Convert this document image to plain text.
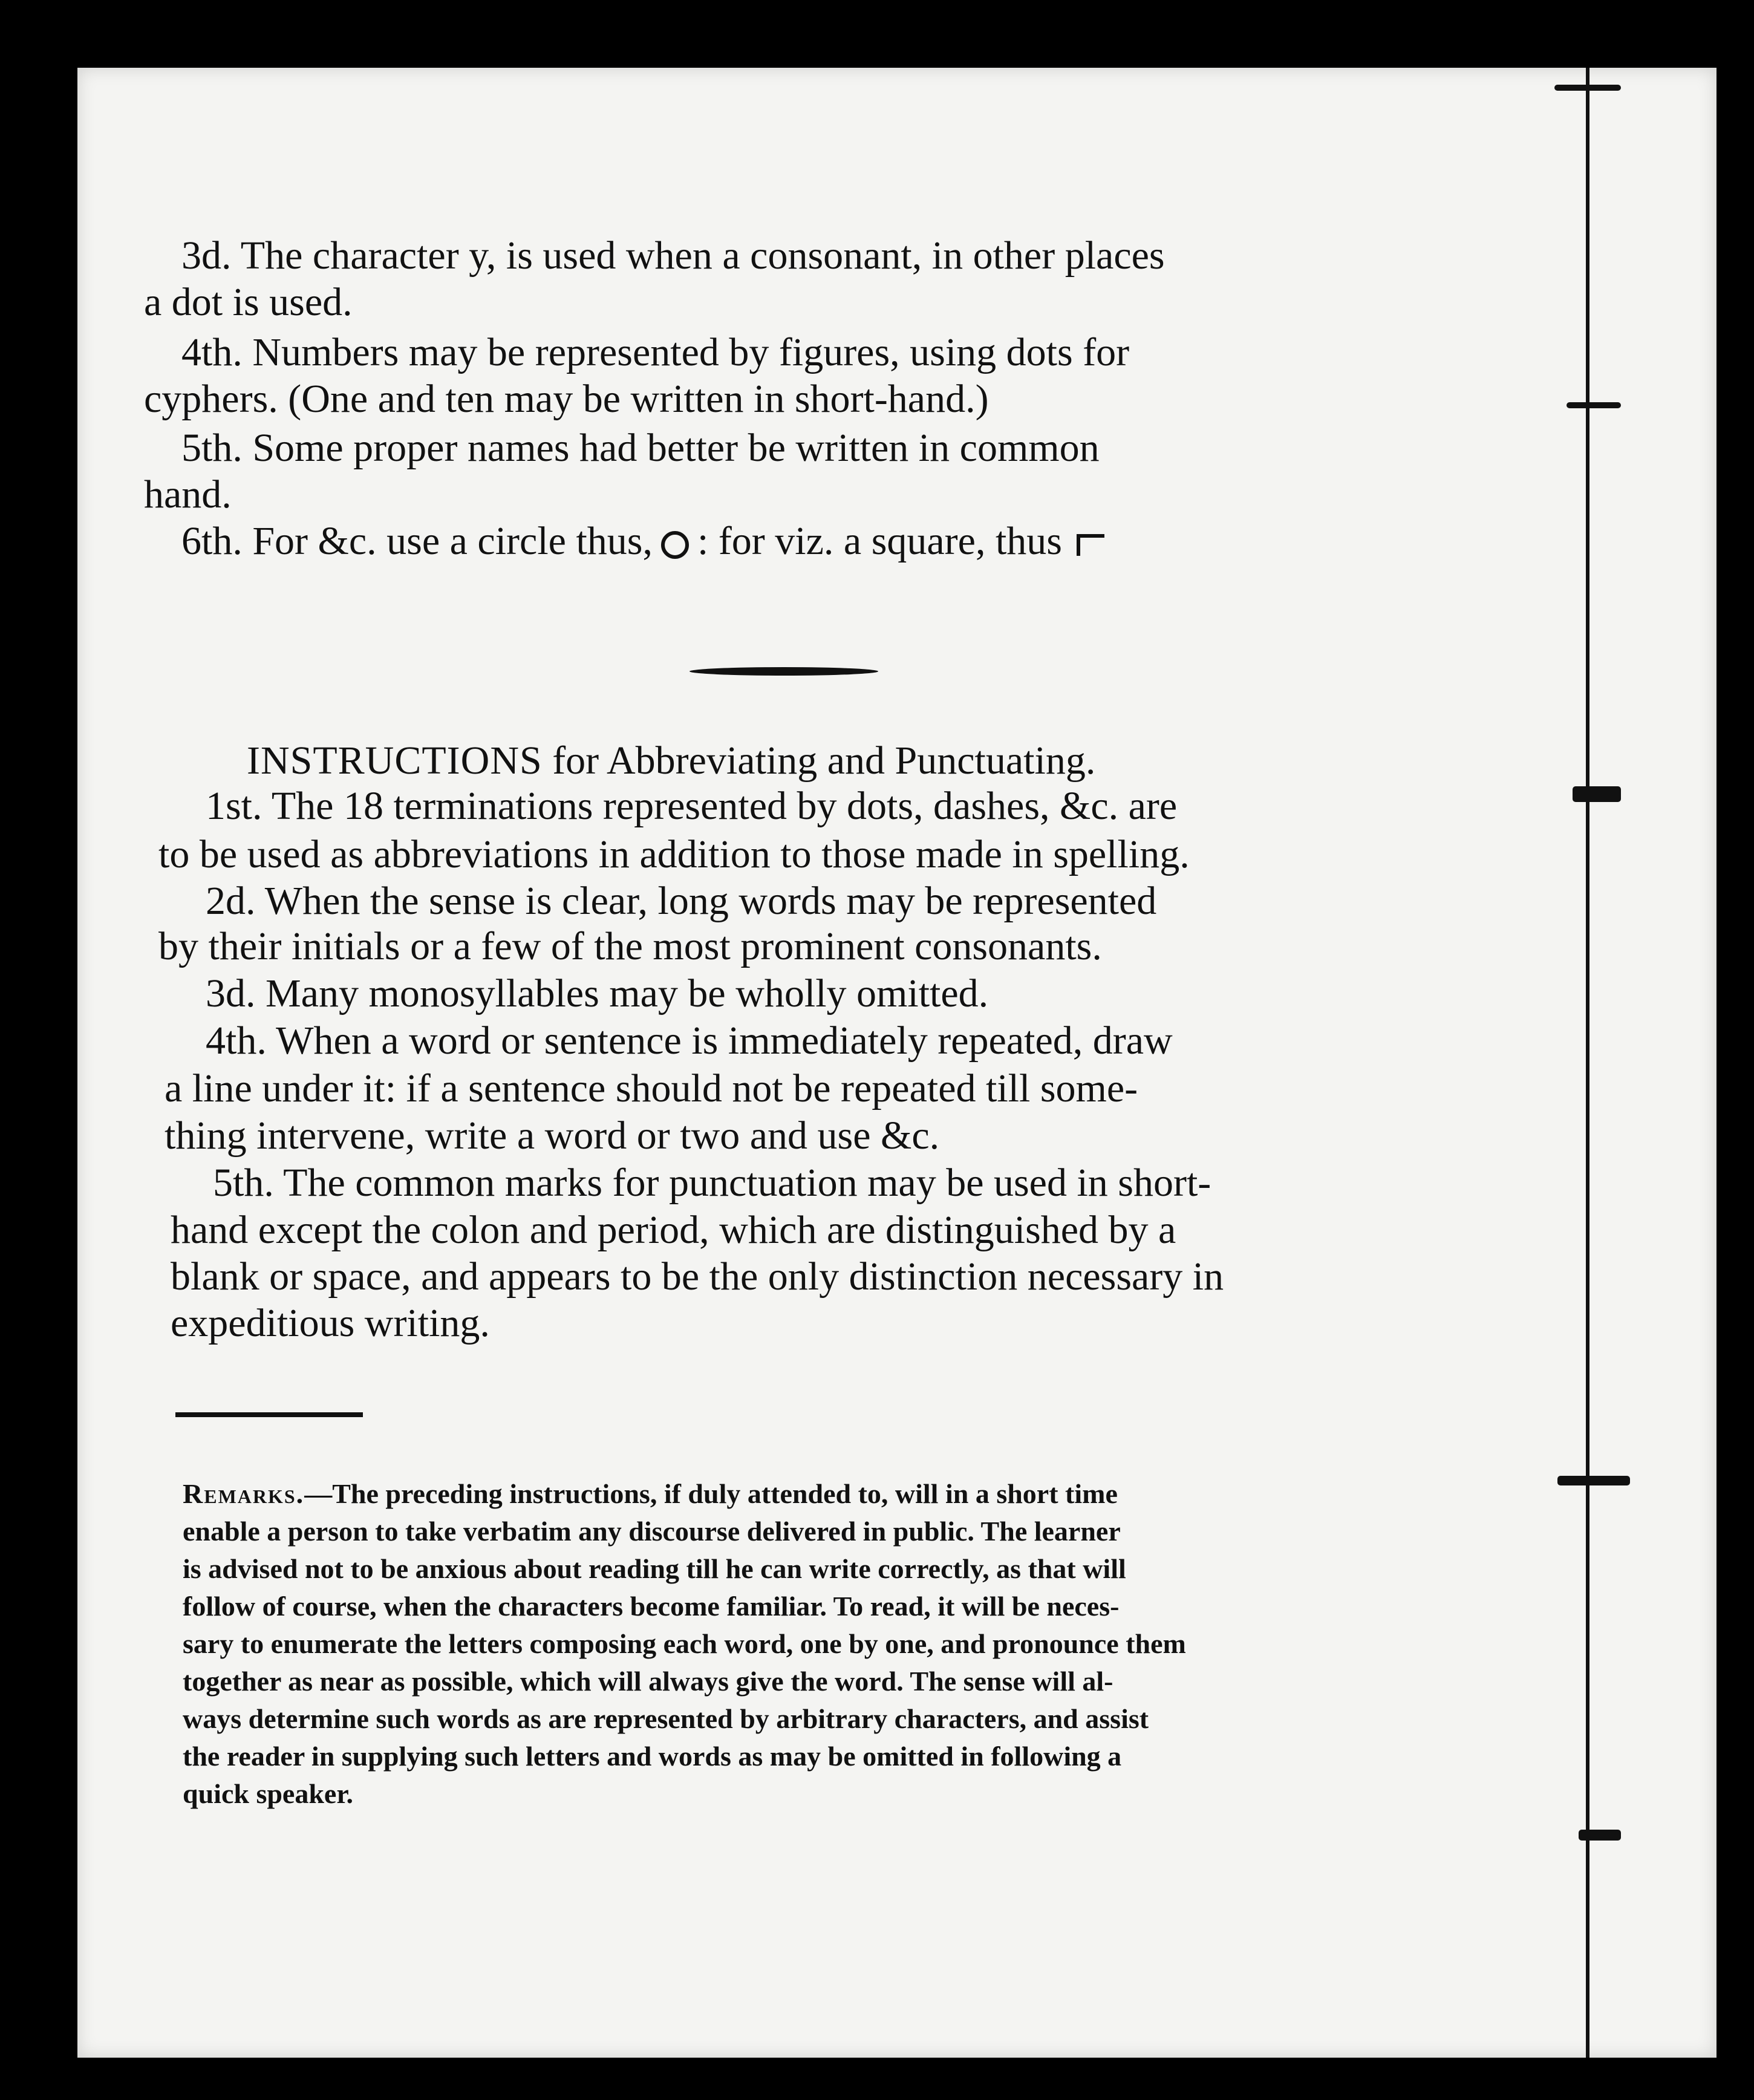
3d. The character y, is used when a consonant, in other places
a dot is used.
4th. Numbers may be represented by figures, using dots for
cyphers. (One and ten may be written in short-hand.)
5th. Some proper names had better be written in common
hand.
6th. For &c. use a circle thus, : for viz. a square, thus
INSTRUCTIONS for Abbreviating and Punctuating.
1st. The 18 terminations represented by dots, dashes, &c. are
to be used as abbreviations in addition to those made in spelling.
2d. When the sense is clear, long words may be represented
by their initials or a few of the most prominent consonants.
3d. Many monosyllables may be wholly omitted.
4th. When a word or sentence is immediately repeated, draw
a line under it: if a sentence should not be repeated till some-
thing intervene, write a word or two and use &c.
5th. The common marks for punctuation may be used in short-
hand except the colon and period, which are distinguished by a
blank or space, and appears to be the only distinction necessary in
expeditious writing.
Remarks.—The preceding instructions, if duly attended to, will in a short time
enable a person to take verbatim any discourse delivered in public. The learner
is advised not to be anxious about reading till he can write correctly, as that will
follow of course, when the characters become familiar. To read, it will be neces-
sary to enumerate the letters composing each word, one by one, and pronounce them
together as near as possible, which will always give the word. The sense will al-
ways determine such words as are represented by arbitrary characters, and assist
the reader in supplying such letters and words as may be omitted in following a
quick speaker.
